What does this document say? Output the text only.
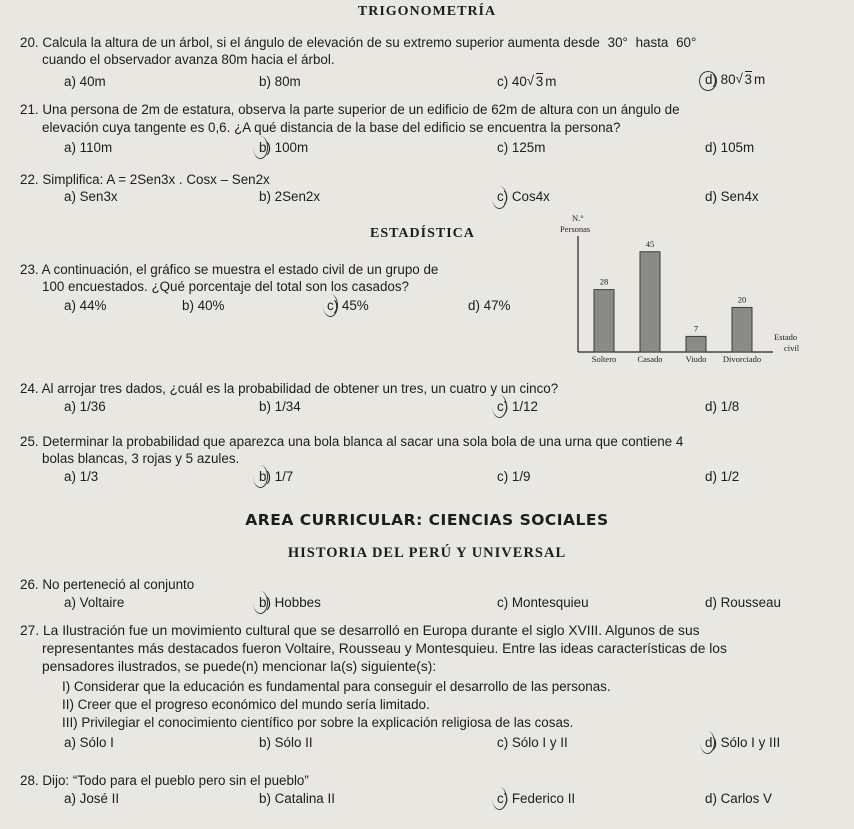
TRIGONOMETRÍA
ESTADÍSTICA
AREA CURRICULAR: CIENCIAS SOCIALES
HISTORIA DEL PERÚ Y UNIVERSAL
20. Calcula la altura de un árbol, si el ángulo de elevación de su extremo superior aumenta desde 30° hasta 60°
cuando el observador avanza 80m hacia el árbol.
a) 40m	b) 80m	c) 40 √ 3 m	d) 80 √ 3 m
21. Una persona de 2m de estatura, observa la parte superior de un edificio de 62m de altura con un ángulo de
elevación cuya tangente es 0,6. ¿A qué distancia de la base del edificio se encuentra la persona?
a) 110m	b) 100m	c) 125m	d) 105m
22. Simplifica: A = 2Sen3x . Cosx – Sen2x
a) Sen3x	b) 2Sen2x	c) Cos4x	d) Sen4x
23. A continuación, el gráfico se muestra el estado civil de un grupo de
100 encuestados. ¿Qué porcentaje del total son los casados?
a) 44%	b) 40%	c) 45%	d) 47%
N.°
Personas
28
Soltero
45
Casado
7
Viudo
20
Divorciado
Estado
civil
24. Al arrojar tres dados, ¿cuál es la probabilidad de obtener un tres, un cuatro y un cinco?
a) 1/36	b) 1/34	c) 1/12	d) 1/8
25. Determinar la probabilidad que aparezca una bola blanca al sacar una sola bola de una urna que contiene 4
bolas blancas, 3 rojas y 5 azules.
a) 1/3	b) 1/7	c) 1/9	d) 1/2
26. No perteneció al conjunto
a) Voltaire	b) Hobbes	c) Montesquieu	d) Rousseau
27. La Ilustración fue un movimiento cultural que se desarrolló en Europa durante el siglo XVIII. Algunos de sus
representantes más destacados fueron Voltaire, Rousseau y Montesquieu. Entre las ideas características de los
pensadores ilustrados, se puede(n) mencionar la(s) siguiente(s):
I) Considerar que la educación es fundamental para conseguir el desarrollo de las personas.
II) Creer que el progreso económico del mundo sería limitado.
III) Privilegiar el conocimiento científico por sobre la explicación religiosa de las cosas.
a) Sólo I	b) Sólo II	c) Sólo I y II	d) Sólo I y III
28. Dijo: “Todo para el pueblo pero sin el pueblo”
a) José II	b) Catalina II	c) Federico II	d) Carlos V
